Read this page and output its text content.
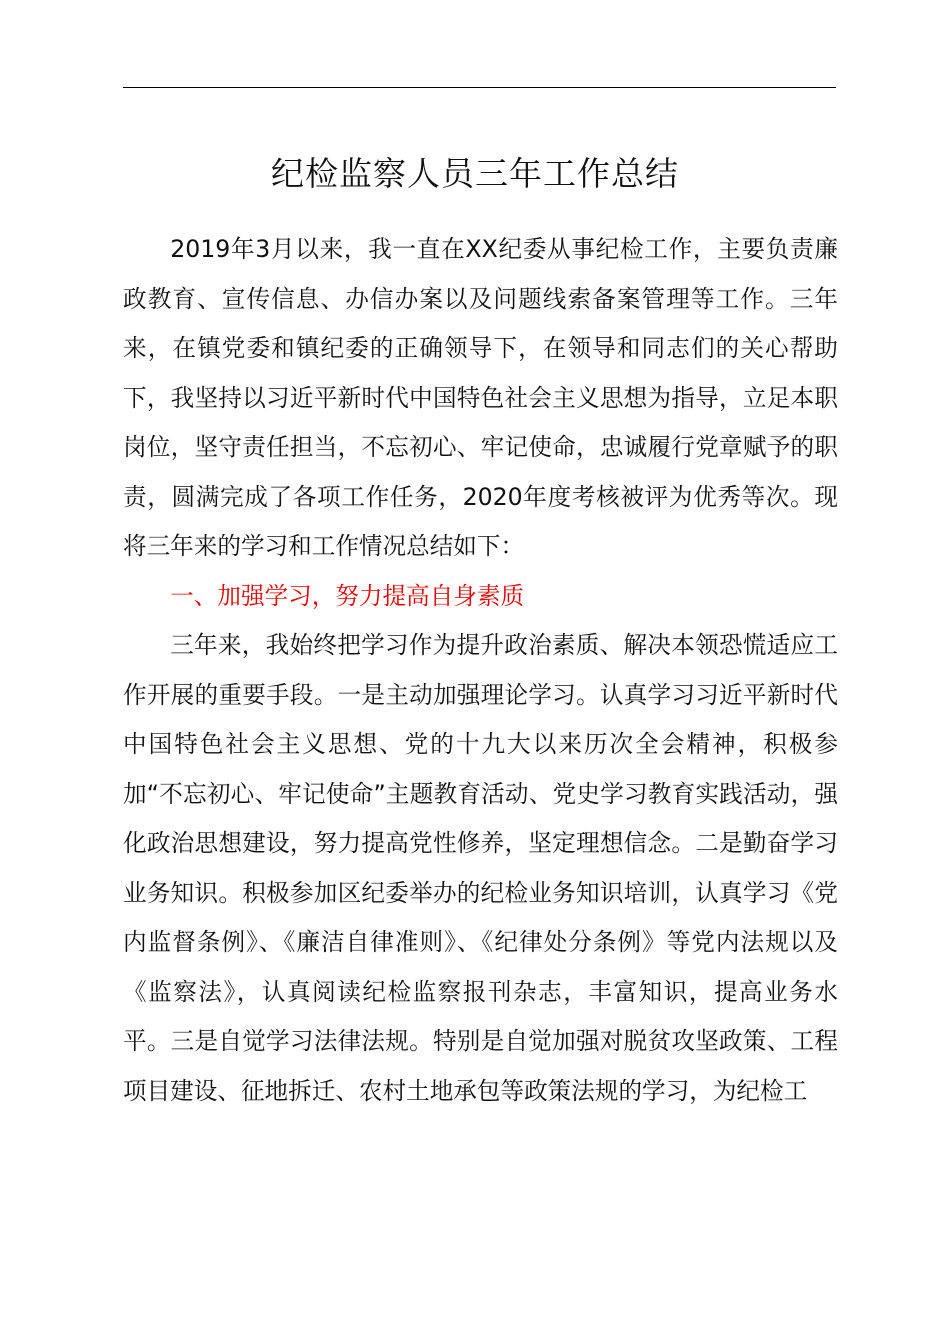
纪检监察人员三年工作总结

2019年3月以来，我一直在XX纪委从事纪检工作，主要负责廉政教育、宣传信息、办信办案以及问题线索备案管理等工作。三年来，在镇党委和镇纪委的正确领导下，在领导和同志们的关心帮助下，我坚持以习近平新时代中国特色社会主义思想为指导，立足本职岗位，坚守责任担当，不忘初心、牢记使命，忠诚履行党章赋予的职责，圆满完成了各项工作任务，2020年度考核被评为优秀等次。现将三年来的学习和工作情况总结如下：

一、加强学习，努力提高自身素质

三年来，我始终把学习作为提升政治素质、解决本领恐慌适应工作开展的重要手段。一是主动加强理论学习。认真学习习近平新时代中国特色社会主义思想、党的十九大以来历次全会精神，积极参加“不忘初心、牢记使命”主题教育活动、党史学习教育实践活动，强化政治思想建设，努力提高党性修养，坚定理想信念。二是勤奋学习业务知识。积极参加区纪委举办的纪检业务知识培训，认真学习《党内监督条例》、《廉洁自律准则》、《纪律处分条例》等党内法规以及《监察法》，认真阅读纪检监察报刊杂志，丰富知识，提高业务水平。三是自觉学习法律法规。特别是自觉加强对脱贫攻坚政策、工程项目建设、征地拆迁、农村土地承包等政策法规的学习，为纪检工
